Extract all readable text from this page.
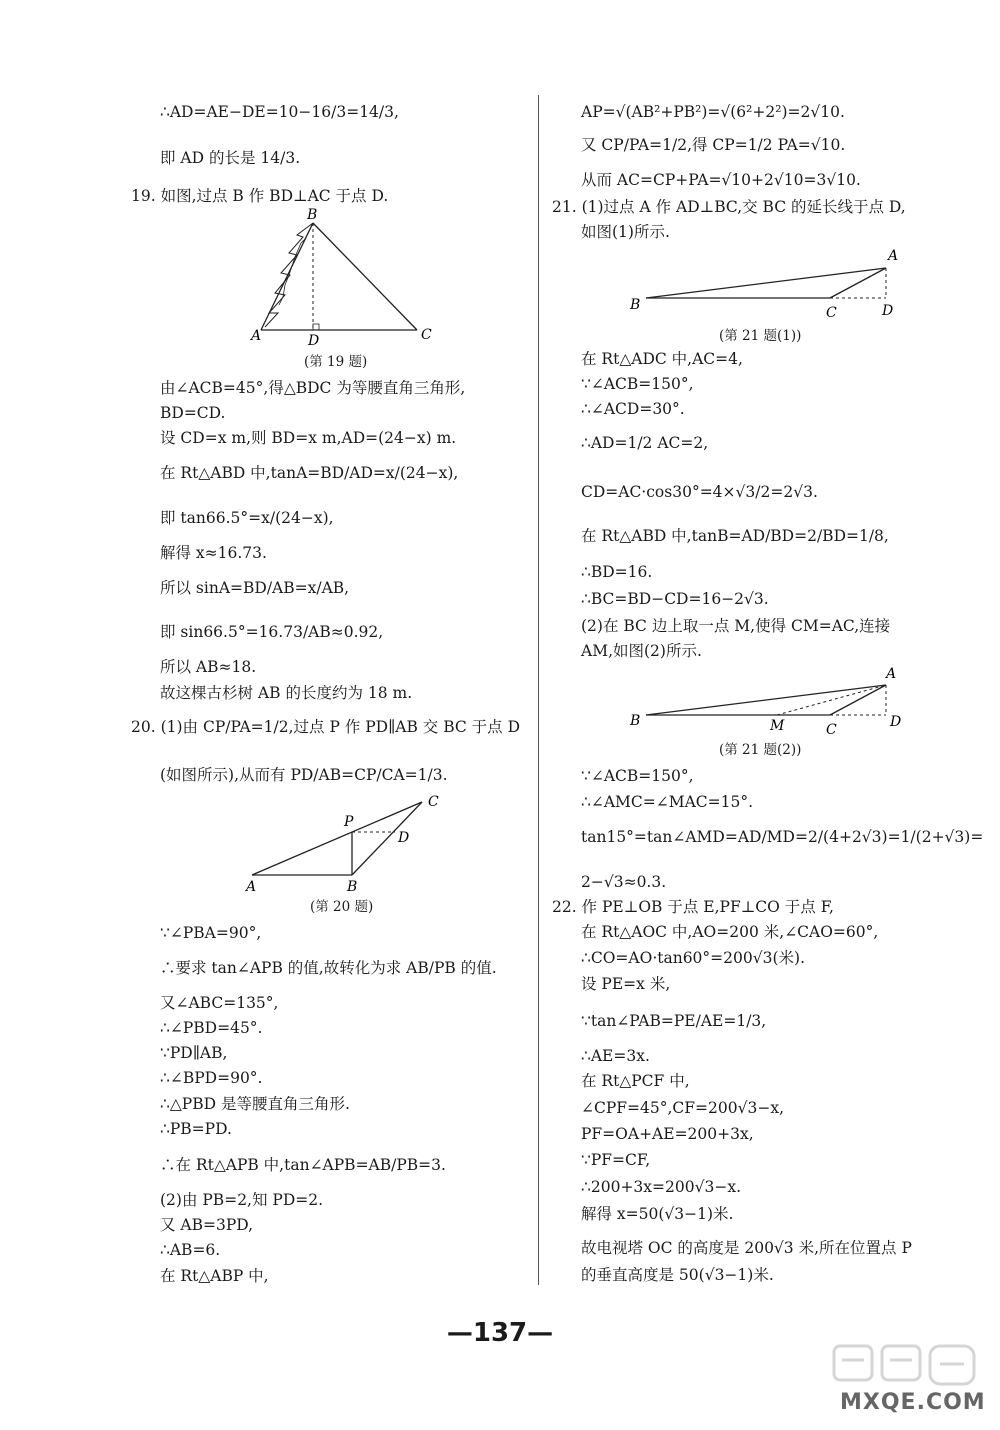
∴AD=AE−DE=10−16/3=14/3,
即 AD 的长是 14/3.
19. 如图,过点 B 作 BD⊥AC 于点 D.
B
A	D	C
(第 19 题)
由∠ACB=45°,得△BDC 为等腰直角三角形,
BD=CD.
设 CD=x m,则 BD=x m,AD=(24−x) m.
在 Rt△ABD 中,tanA=BD/AD=x/(24−x),
即 tan66.5°=x/(24−x),
解得 x≈16.73.
所以 sinA=BD/AB=x/AB,
即 sin66.5°=16.73/AB≈0.92,
所以 AB≈18.
故这棵古杉树 AB 的长度约为 18 m.
20. (1)由 CP/PA=1/2,过点 P 作 PD∥AB 交 BC 于点 D
(如图所示),从而有 PD/AB=CP/CA=1/3.
P
C
D
A	B
(第 20 题)
∵∠PBA=90°,
∴要求 tan∠APB 的值,故转化为求 AB/PB 的值.
又∠ABC=135°,
∴∠PBD=45°.
∵PD∥AB,
∴∠BPD=90°.
∴△PBD 是等腰直角三角形.
∴PB=PD.
∴在 Rt△APB 中,tan∠APB=AB/PB=3.
(2)由 PB=2,知 PD=2.
又 AB=3PD,
∴AB=6.
在 Rt△ABP 中,
AP=√(AB²+PB²)=√(6²+2²)=2√10.
又 CP/PA=1/2,得 CP=1/2 PA=√10.
从而 AC=CP+PA=√10+2√10=3√10.
21. (1)过点 A 作 AD⊥BC,交 BC 的延长线于点 D,
如图(1)所示.
A
B	C	D
(第 21 题(1))
在 Rt△ADC 中,AC=4,
∵∠ACB=150°,
∴∠ACD=30°.
∴AD=1/2 AC=2,
CD=AC·cos30°=4×√3/2=2√3.
在 Rt△ABD 中,tanB=AD/BD=2/BD=1/8,
∴BD=16.
∴BC=BD−CD=16−2√3.
(2)在 BC 边上取一点 M,使得 CM=AC,连接
AM,如图(2)所示.
A
B	M	C	D
(第 21 题(2))
∵∠ACB=150°,
∴∠AMC=∠MAC=15°.
tan15°=tan∠AMD=AD/MD=2/(4+2√3)=1/(2+√3)=
2−√3≈0.3.
22. 作 PE⊥OB 于点 E,PF⊥CO 于点 F,
在 Rt△AOC 中,AO=200 米,∠CAO=60°,
∴CO=AO·tan60°=200√3(米).
设 PE=x 米,
∵tan∠PAB=PE/AE=1/3,
∴AE=3x.
在 Rt△PCF 中,
∠CPF=45°,CF=200√3−x,
PF=OA+AE=200+3x,
∵PF=CF,
∴200+3x=200√3−x.
解得 x=50(√3−1)米.
故电视塔 OC 的高度是 200√3 米,所在位置点 P
的垂直高度是 50(√3−1)米.
—137—
MXQE.COM
